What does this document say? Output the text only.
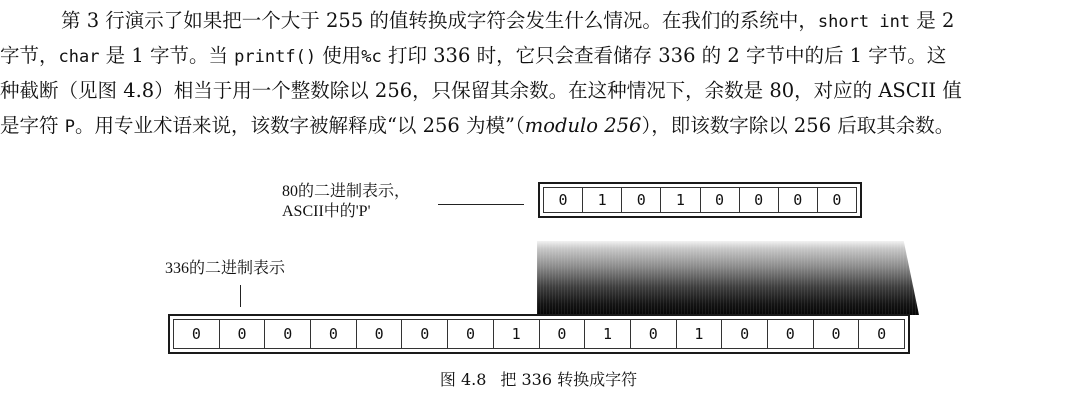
第 3 行演示了如果把一个大于 255 的值转换成字符会发生什么情况。在我们的系统中，short int 是 2
字节，char 是 1 字节。当 printf() 使用%c 打印 336 时，它只会查看储存 336 的 2 字节中的后 1 字节。这
种截断（见图 4.8）相当于用一个整数除以 256，只保留其余数。在这种情况下，余数是 80，对应的 ASCII 值
是字符 P。用专业术语来说，该数字被解释成“以 256 为模”（modulo 256），即该数字除以 256 后取其余数。
80的二进制表示，
ASCII中的'P'
0	1	0	1	0	0	0	0
336的二进制表示
0	0	0	0	0	0	0	1	0	1	0	1	0	0	0	0
图 4.8 把 336 转换成字符
